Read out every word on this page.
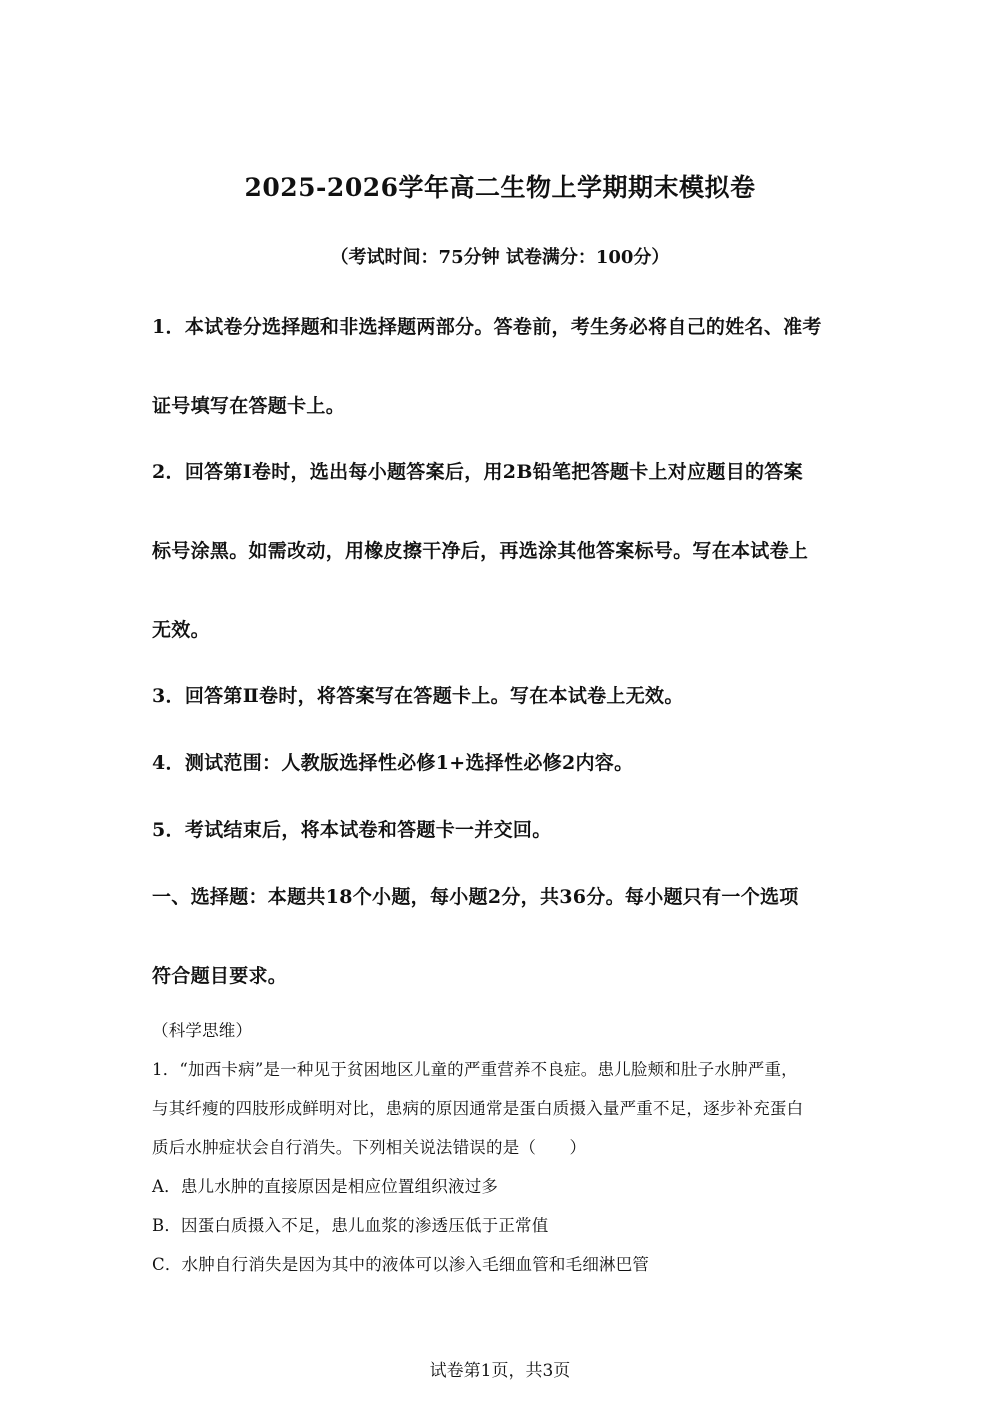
2025-2026学年高二生物上学期期末模拟卷
（考试时间：75分钟 试卷满分：100分）
1．本试卷分选择题和非选择题两部分。答卷前，考生务必将自己的姓名、准考
证号填写在答题卡上。
2．回答第Ⅰ卷时，选出每小题答案后，用2B铅笔把答题卡上对应题目的答案
标号涂黑。如需改动，用橡皮擦干净后，再选涂其他答案标号。写在本试卷上
无效。
3．回答第Ⅱ卷时，将答案写在答题卡上。写在本试卷上无效。
4．测试范围：人教版选择性必修1+选择性必修2内容。
5．考试结束后，将本试卷和答题卡一并交回。
一、选择题：本题共18个小题，每小题2分，共36分。每小题只有一个选项
符合题目要求。
（科学思维）
1．“加西卡病”是一种见于贫困地区儿童的严重营养不良症。患儿脸颊和肚子水肿严重，
与其纤瘦的四肢形成鲜明对比，患病的原因通常是蛋白质摄入量严重不足，逐步补充蛋白
质后水肿症状会自行消失。下列相关说法错误的是（　　）
A．患儿水肿的直接原因是相应位置组织液过多
B．因蛋白质摄入不足，患儿血浆的渗透压低于正常值
C．水肿自行消失是因为其中的液体可以渗入毛细血管和毛细淋巴管
试卷第1页，共3页
